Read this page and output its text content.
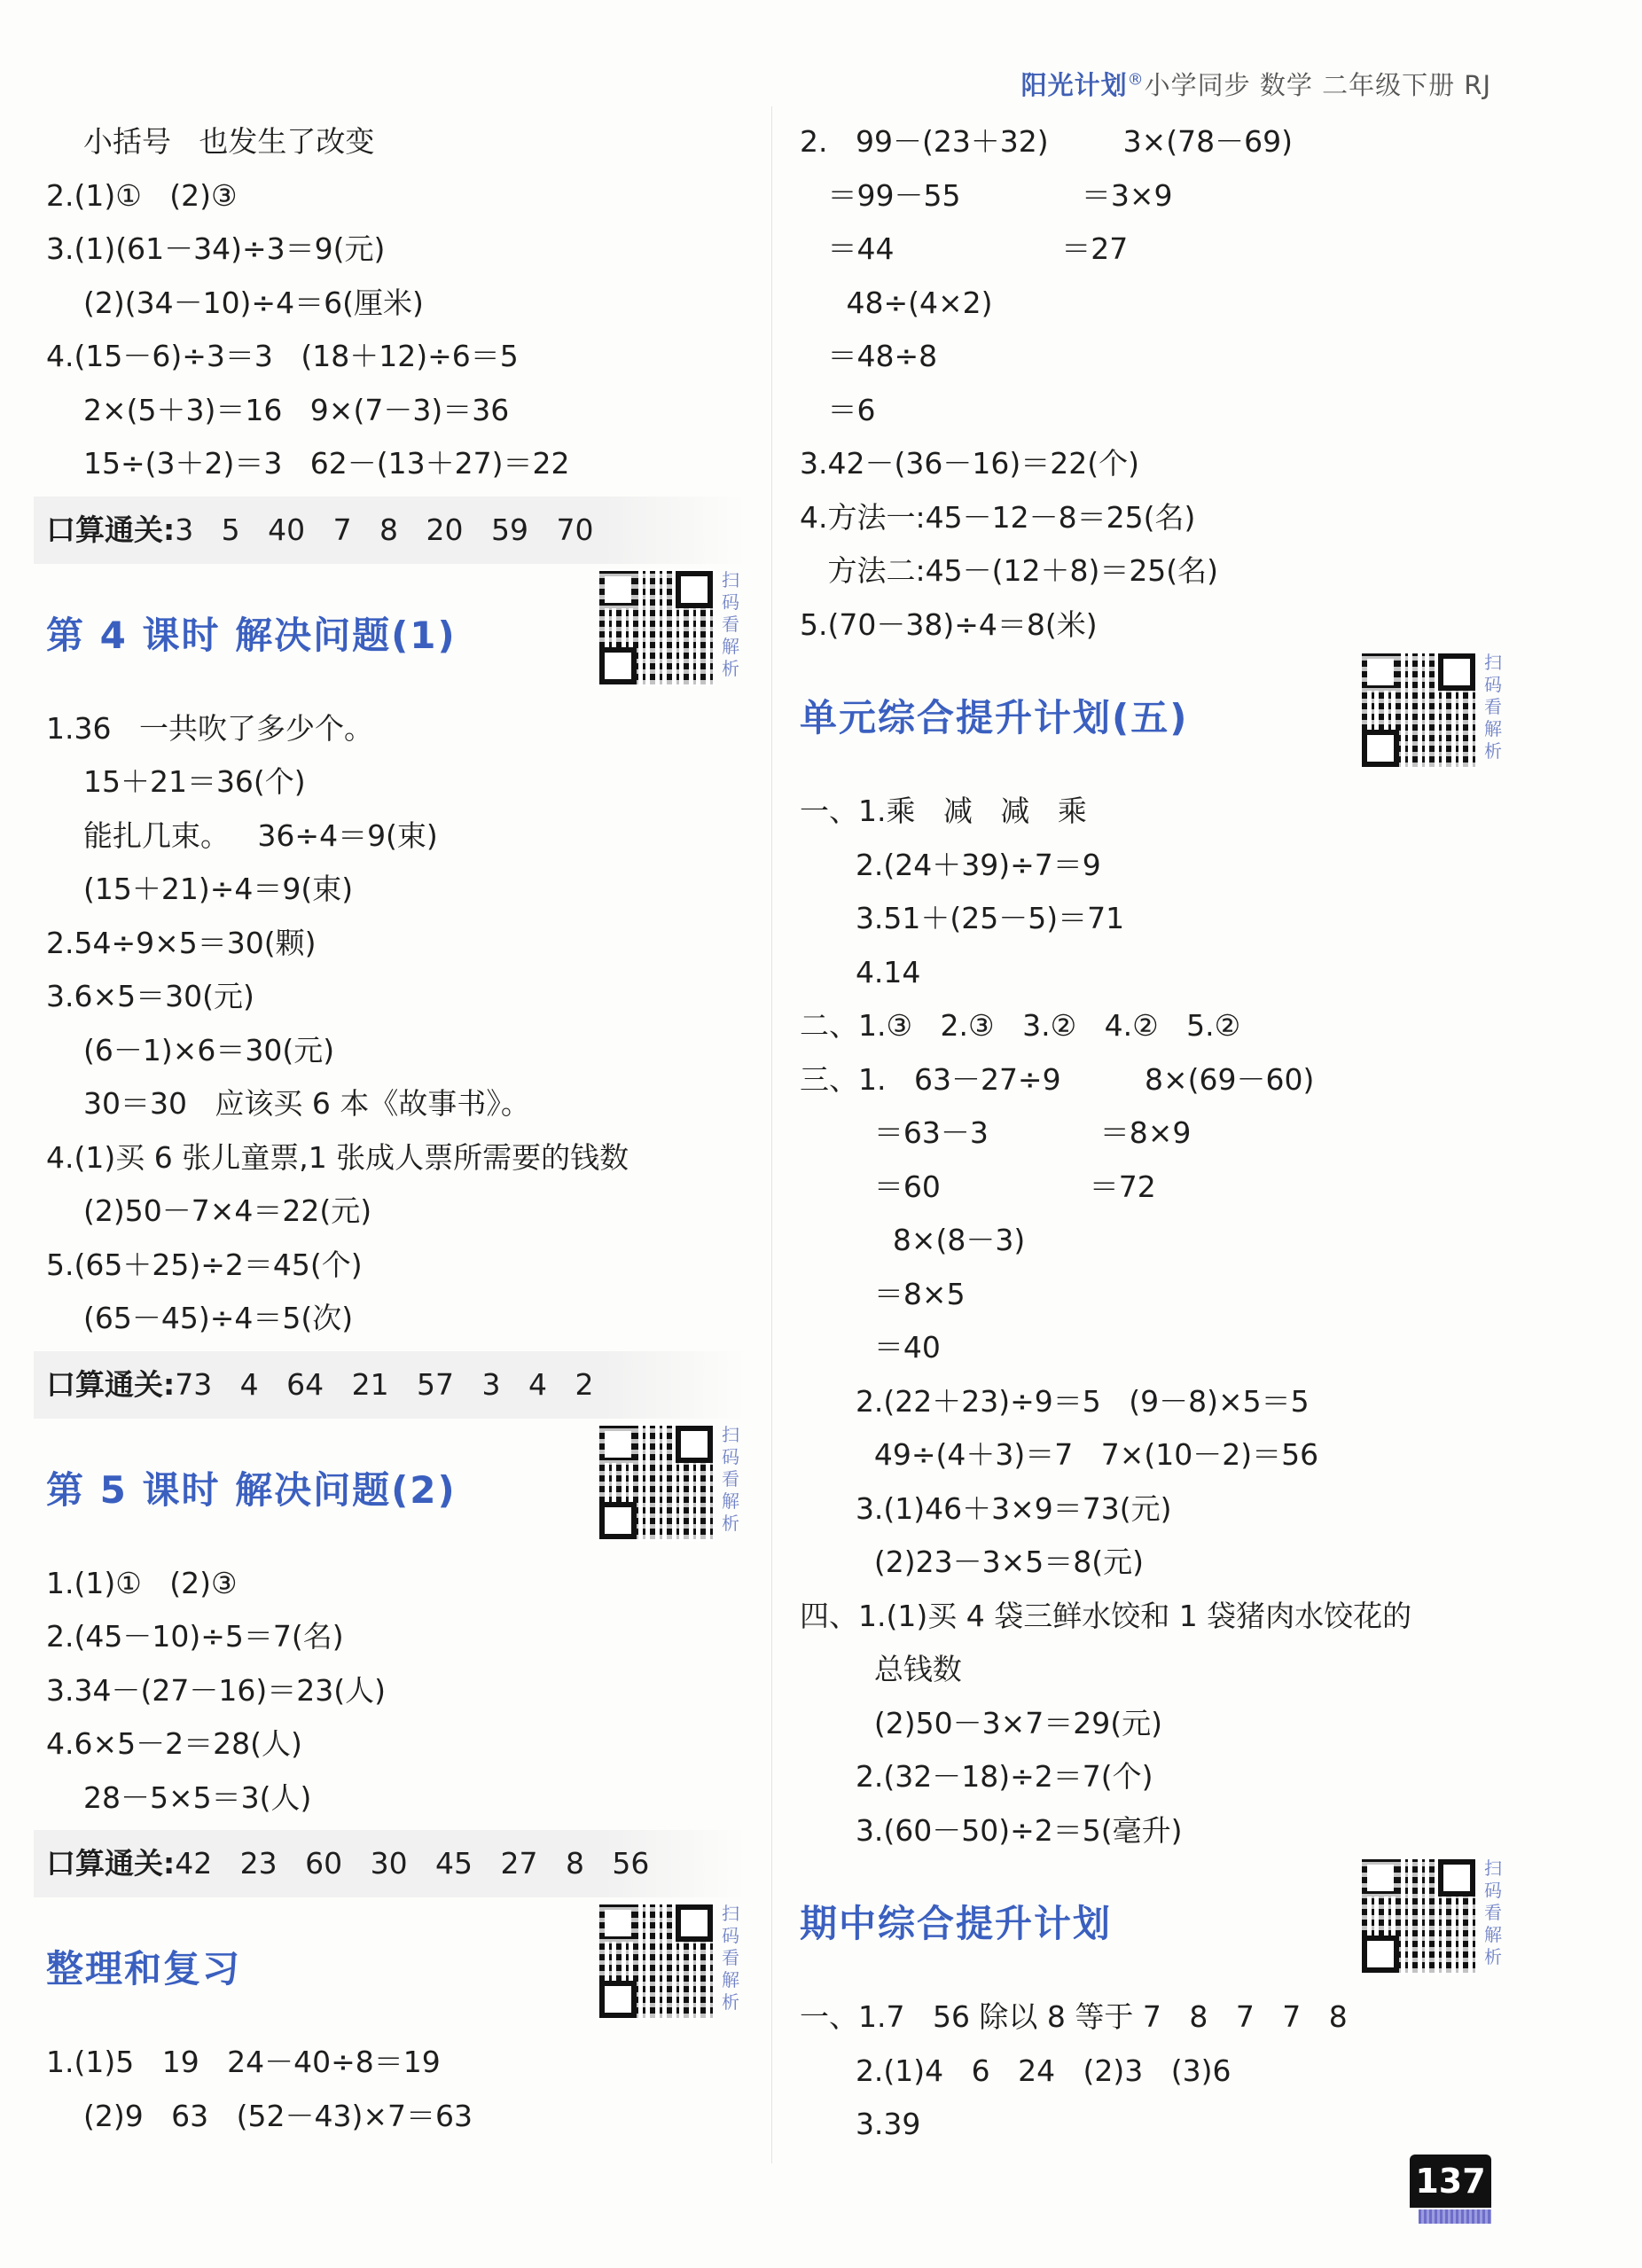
阳光计划®小学同步 数学 二年级下册 RJ
小括号   也发生了改变
2.(1)①   (2)③
3.(1)(61－34)÷3＝9(元)
(2)(34－10)÷4＝6(厘米)
4.(15－6)÷3＝3   (18＋12)÷6＝5
2×(5＋3)＝16   9×(7－3)＝36
15÷(3＋2)＝3   62－(13＋27)＝22
口算通关:3   5   40   7   8   20   59   70
第 4 课时 解决问题(1)
扫码看解析
1.36   一共吹了多少个。
15＋21＝36(个)
能扎几束。   36÷4＝9(束)
(15＋21)÷4＝9(束)
2.54÷9×5＝30(颗)
3.6×5＝30(元)
(6－1)×6＝30(元)
30＝30   应该买 6 本《故事书》。
4.(1)买 6 张儿童票,1 张成人票所需要的钱数
(2)50－7×4＝22(元)
5.(65＋25)÷2＝45(个)
(65－45)÷4＝5(次)
口算通关:73   4   64   21   57   3   4   2
第 5 课时 解决问题(2)
扫码看解析
1.(1)①   (2)③
2.(45－10)÷5＝7(名)
3.34－(27－16)＝23(人)
4.6×5－2＝28(人)
28－5×5＝3(人)
口算通关:42   23   60   30   45   27   8   56
整理和复习
扫码看解析
1.(1)5   19   24－40÷8＝19
(2)9   63   (52－43)×7＝63
2.   99－(23＋32)        3×(78－69)
＝99－55             ＝3×9
＝44                  ＝27
48÷(4×2)
＝48÷8
＝6
3.42－(36－16)＝22(个)
4.方法一:45－12－8＝25(名)
方法二:45－(12＋8)＝25(名)
5.(70－38)÷4＝8(米)
单元综合提升计划(五)
扫码看解析
一、1.乘   减   减   乘
2.(24＋39)÷7＝9
3.51＋(25－5)＝71
4.14
二、1.③   2.③   3.②   4.②   5.②
三、1.   63－27÷9         8×(69－60)
＝63－3            ＝8×9
＝60                ＝72
8×(8－3)
＝8×5
＝40
2.(22＋23)÷9＝5   (9－8)×5＝5
49÷(4＋3)＝7   7×(10－2)＝56
3.(1)46＋3×9＝73(元)
(2)23－3×5＝8(元)
四、1.(1)买 4 袋三鲜水饺和 1 袋猪肉水饺花的
总钱数
(2)50－3×7＝29(元)
2.(32－18)÷2＝7(个)
3.(60－50)÷2＝5(毫升)
期中综合提升计划
扫码看解析
一、1.7   56 除以 8 等于 7   8   7   7   8
2.(1)4   6   24   (2)3   (3)6
3.39
137
